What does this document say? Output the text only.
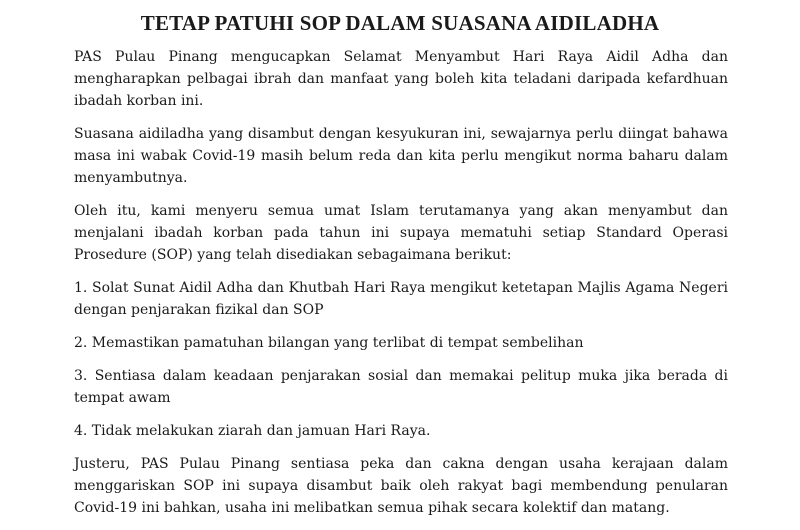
TETAP PATUHI SOP DALAM SUASANA AIDILADHA

PAS Pulau Pinang mengucapkan Selamat Menyambut Hari Raya Aidil Adha dan mengharapkan pelbagai ibrah dan manfaat yang boleh kita teladani daripada kefardhuan ibadah korban ini.

Suasana aidiladha yang disambut dengan kesyukuran ini, sewajarnya perlu diingat bahawa masa ini wabak Covid-19 masih belum reda dan kita perlu mengikut norma baharu dalam menyambutnya.

Oleh itu, kami menyeru semua umat Islam terutamanya yang akan menyambut dan menjalani ibadah korban pada tahun ini supaya mematuhi setiap Standard Operasi Prosedure (SOP) yang telah disediakan sebagaimana berikut:

1. Solat Sunat Aidil Adha dan Khutbah Hari Raya mengikut ketetapan Majlis Agama Negeri dengan penjarakan fizikal dan SOP

2. Memastikan pamatuhan bilangan yang terlibat di tempat sembelihan

3. Sentiasa dalam keadaan penjarakan sosial dan memakai pelitup muka jika berada di tempat awam

4. Tidak melakukan ziarah dan jamuan Hari Raya.

Justeru, PAS Pulau Pinang sentiasa peka dan cakna dengan usaha kerajaan dalam menggariskan SOP ini supaya disambut baik oleh rakyat bagi membendung penularan Covid-19 ini bahkan, usaha ini melibatkan semua pihak secara kolektif dan matang.
